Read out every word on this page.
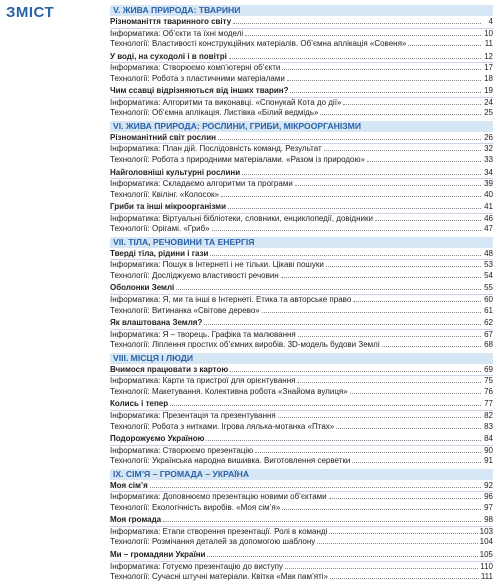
ЗМІСТ	V. ЖИВА ПРИРОДА: ТВАРИНИ
Різноманіття тваринного світу	4
Інформатика: Об’єкти та їхні моделі	10
Технології: Властивості конструкційних матеріалів. Об’ємна аплікація «Совеня»	11
У воді, на суходолі і в повітрі	12
Інформатика: Створюємо комп’ютерні об’єкти	17
Технології: Робота з пластичними матеріалами	18
Чим ссавці відрізняються від інших тварин?	19
Інформатика: Алгоритми та виконавці. «Спонукай Кота до дії»	24
Технології: Об’ємна аплікація. Листівка «Білий ведмідь»	25
VI. ЖИВА ПРИРОДА: РОСЛИНИ, ГРИБИ, МІКРООРГАНІЗМИ
Різноманітний світ рослин	26
Інформатика: План дій. Послідовність команд. Результат	32
Технології: Робота з природними матеріалами. «Разом із природою»	33
Найголовніші культурні рослини	34
Інформатика: Складаємо алгоритми та програми	39
Технології: Квілінг. «Колосок»	40
Гриби та інші мікроорганізми	41
Інформатика: Віртуальні бібліотеки, словники, енциклопедії, довідники	46
Технології: Орігамі. «Гриб»	47
VII. ТІЛА, РЕЧОВИНИ ТА ЕНЕРГІЯ
Тверді тіла, рідини і гази	48
Інформатика: Пошук в Інтернеті і не тільки. Цікаві пошуки	53
Технології: Досліджуємо властивості речовин	54
Оболонки Землі	55
Інформатика: Я, ми та інші в Інтернеті. Етика та авторське право	60
Технології: Витинанка «Світове дерево»	61
Як влаштована Земля?	62
Інформатика: Я – творець. Графіка та малювання	67
Технології: Ліплення простих об’ємних виробів. 3D-модель будови Землі	68
VIII. МІСЦЯ І ЛЮДИ
Вчимося працювати з картою	69
Інформатика: Карти та пристрої для орієнтування	75
Технології: Макетування. Колективна робота «Знайома вулиця»	76
Колись і тепер	77
Інформатика: Презентація та презентування	82
Технології: Робота з нитками. Ігрова лялька-мотанка «Птах»	83
Подорожуємо Україною	84
Інформатика: Створюємо презентацію	90
Технології: Українська народна вишивка. Виготовлення серветки	91
IX. СІМ’Я – ГРОМАДА – УКРАЇНА
Моя сім’я	92
Інформатика: Доповнюємо презентацію новими об’єктами	96
Технології: Екологічність виробів. «Моя сім’я»	97
Моя громада	98
Інформатика: Етапи створення презентації. Ролі в команді	103
Технології: Розмічання деталей за допомогою шаблону	104
Ми – громадяни України	105
Інформатика: Готуємо презентацію до виступу	110
Технології: Сучасні штучні матеріали. Квітка «Мак пам’яті»	111
